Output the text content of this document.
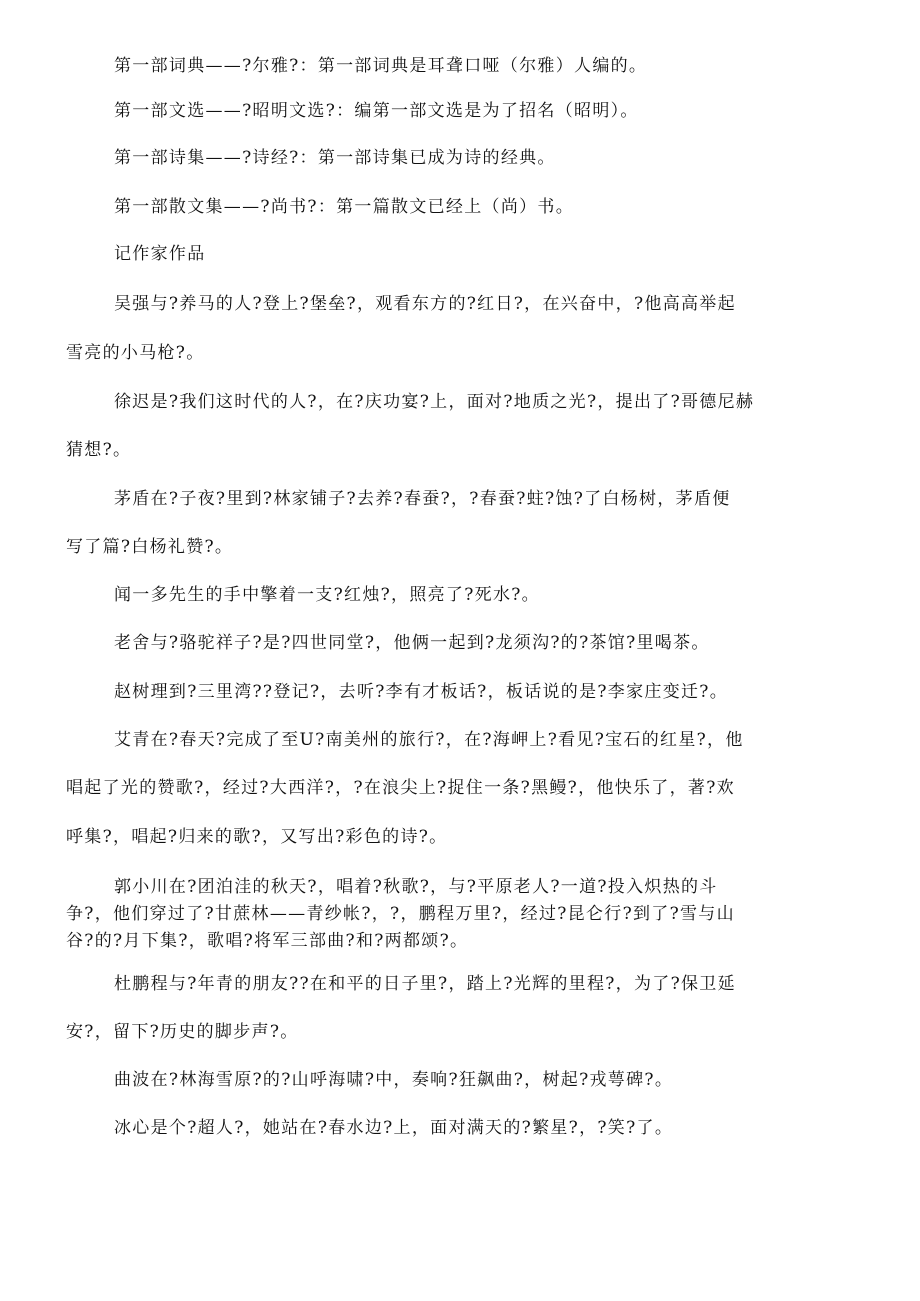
第一部词典——?尔雅?：第一部词典是耳聋口哑（尔雅）人编的。
第一部文选——?昭明文选?：编第一部文选是为了招名（昭明）。
第一部诗集——?诗经?：第一部诗集已成为诗的经典。
第一部散文集——?尚书?：第一篇散文已经上（尚）书。
记作家作品
吴强与?养马的人?登上?堡垒?，观看东方的?红日?，在兴奋中，?他高高举起
雪亮的小马枪?。
徐迟是?我们这时代的人?，在?庆功宴?上，面对?地质之光?，提出了?哥德尼赫
猜想?。
茅盾在?子夜?里到?林家铺子?去养?春蚕?，?春蚕?蛀?蚀?了白杨树，茅盾便
写了篇?白杨礼赞?。
闻一多先生的手中擎着一支?红烛?，照亮了?死水?。
老舍与?骆驼祥子?是?四世同堂?，他俩一起到?龙须沟?的?茶馆?里喝茶。
赵树理到?三里湾??登记?，去听?李有才板话?，板话说的是?李家庄变迁?。
艾青在?春天?完成了至U?南美州的旅行?，在?海岬上?看见?宝石的红星?，他
唱起了光的赞歌?，经过?大西洋?，?在浪尖上?捉住一条?黑鳗?，他快乐了，著?欢
呼集?，唱起?归来的歌?，又写出?彩色的诗?。
郭小川在?团泊洼的秋天?，唱着?秋歌?，与?平原老人?一道?投入炽热的斗
争?，他们穿过了?甘蔗林——青纱帐?，?，鹏程万里?，经过?昆仑行?到了?雪与山
谷?的?月下集?，歌唱?将军三部曲?和?两都颂?。
杜鹏程与?年青的朋友??在和平的日子里?，踏上?光辉的里程?，为了?保卫延
安?，留下?历史的脚步声?。
曲波在?林海雪原?的?山呼海啸?中，奏响?狂飙曲?，树起?戎萼碑?。
冰心是个?超人?，她站在?春水边?上，面对满天的?繁星?，?笑?了。
